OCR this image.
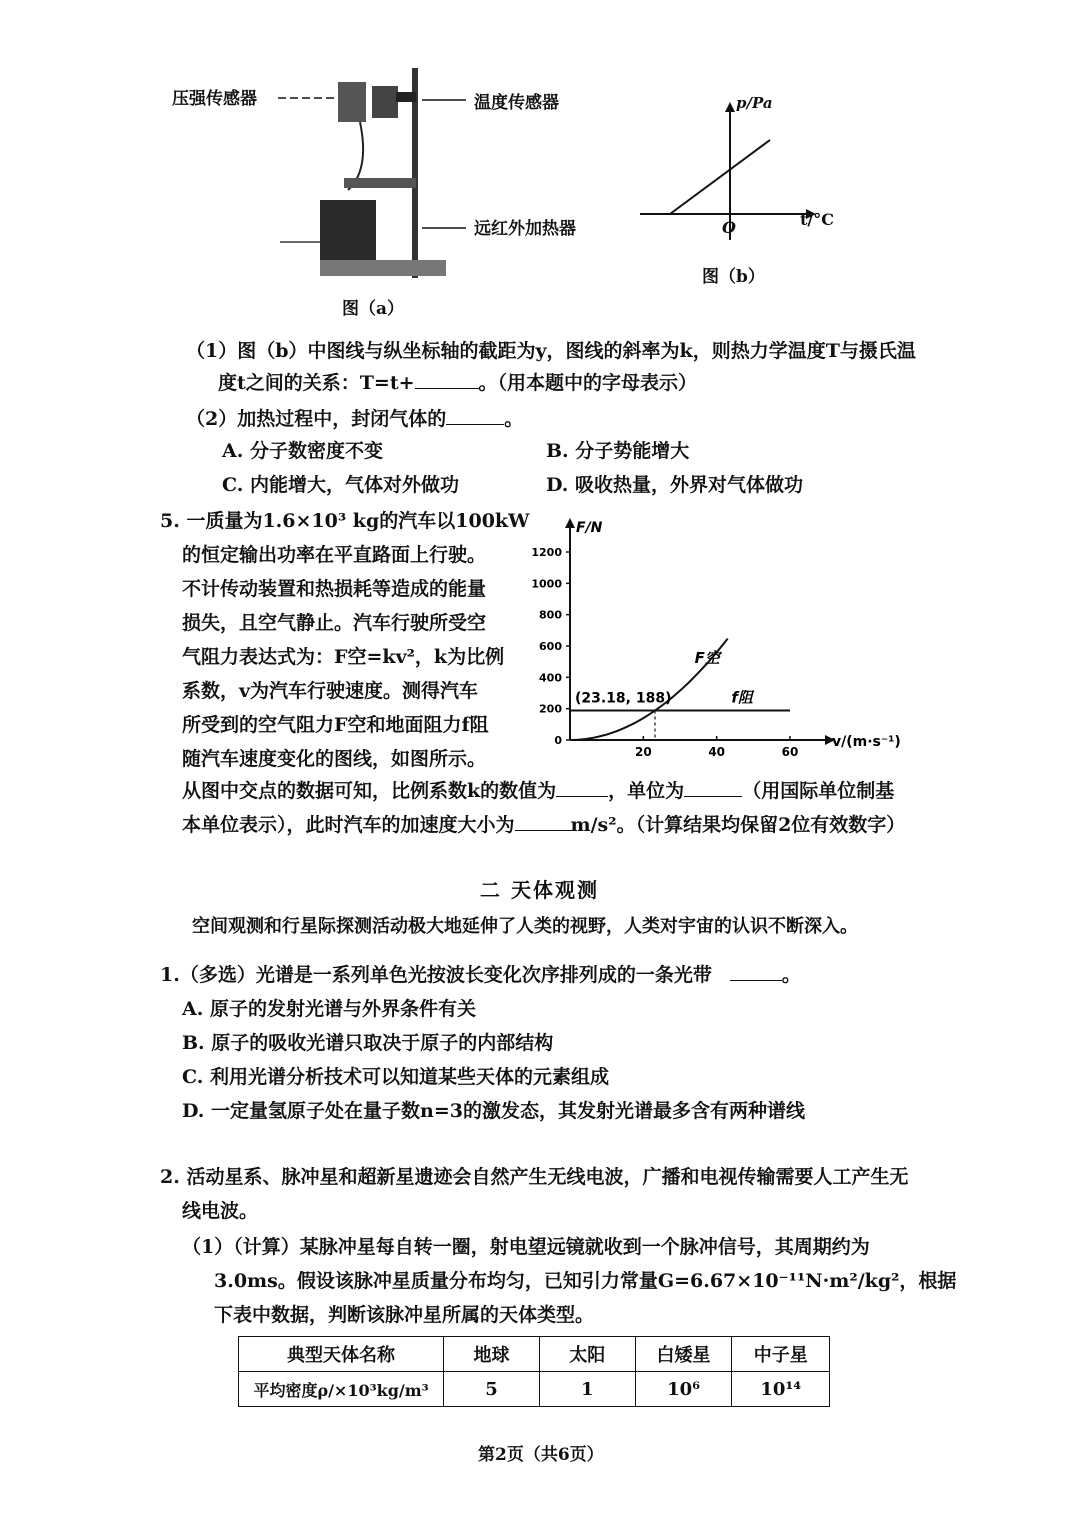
压强传感器	温度传感器
远红外加热器
图（a）
p/Pa
t/°C
O
图（b）
（1）图（b）中图线与纵坐标轴的截距为y，图线的斜率为k，则热力学温度T与摄氏温
度t之间的关系：T=t+	。（用本题中的字母表示）
（2）加热过程中，封闭气体的	。
A. 分子数密度不变	B. 分子势能增大
C. 内能增大，气体对外做功	D. 吸收热量，外界对气体做功
5. 一质量为1.6×10³ kg的汽车以100kW
的恒定输出功率在平直路面上行驶。
不计传动装置和热损耗等造成的能量
损失，且空气静止。汽车行驶所受空
气阻力表达式为：F空=kv²，k为比例
系数，v为汽车行驶速度。测得汽车
所受到的空气阻力F空和地面阻力f阻
随汽车速度变化的图线，如图所示。
从图中交点的数据可知，比例系数k的数值为	，单位为	（用国际单位制基
本单位表示），此时汽车的加速度大小为	m/s²。（计算结果均保留2位有效数字）
1200
1000
800
600
400
200
0
20	40	60
F/N
v/(m·s⁻¹)
(23.18, 188)
F空
f阻
二 天体观测
空间观测和行星际探测活动极大地延伸了人类的视野，人类对宇宙的认识不断深入。
1.（多选）光谱是一系列单色光按波长变化次序排列成的一条光带	。
A. 原子的发射光谱与外界条件有关
B. 原子的吸收光谱只取决于原子的内部结构
C. 利用光谱分析技术可以知道某些天体的元素组成
D. 一定量氢原子处在量子数n=3的激发态，其发射光谱最多含有两种谱线
2. 活动星系、脉冲星和超新星遗迹会自然产生无线电波，广播和电视传输需要人工产生无
线电波。
（1）（计算）某脉冲星每自转一圈，射电望远镜就收到一个脉冲信号，其周期约为
3.0ms。假设该脉冲星质量分布均匀，已知引力常量G=6.67×10⁻¹¹N·m²/kg²，根据
下表中数据，判断该脉冲星所属的天体类型。
典型天体名称	地球	太阳	白矮星	中子星
平均密度ρ/×10³kg/m³	5	1	10⁶	10¹⁴
第2页（共6页）
